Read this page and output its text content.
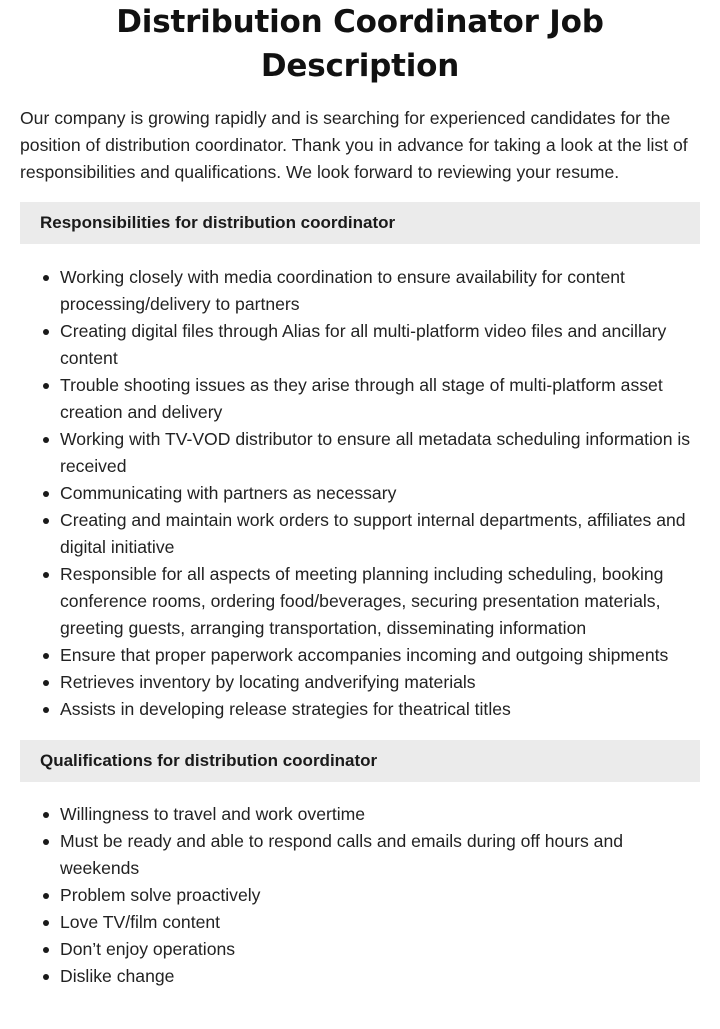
Distribution Coordinator Job Description

Our company is growing rapidly and is searching for experienced candidates for the position of distribution coordinator. Thank you in advance for taking a look at the list of responsibilities and qualifications. We look forward to reviewing your resume.

Responsibilities for distribution coordinator
Working closely with media coordination to ensure availability for content processing/delivery to partners
Creating digital files through Alias for all multi-platform video files and ancillary content
Trouble shooting issues as they arise through all stage of multi-platform asset creation and delivery
Working with TV-VOD distributor to ensure all metadata scheduling information is received
Communicating with partners as necessary
Creating and maintain work orders to support internal departments, affiliates and digital initiative
Responsible for all aspects of meeting planning including scheduling, booking conference rooms, ordering food/beverages, securing presentation materials, greeting guests, arranging transportation, disseminating information
Ensure that proper paperwork accompanies incoming and outgoing shipments
Retrieves inventory by locating andverifying materials
Assists in developing release strategies for theatrical titles
Qualifications for distribution coordinator
Willingness to travel and work overtime
Must be ready and able to respond calls and emails during off hours and weekends
Problem solve proactively
Love TV/film content
Don’t enjoy operations
Dislike change
